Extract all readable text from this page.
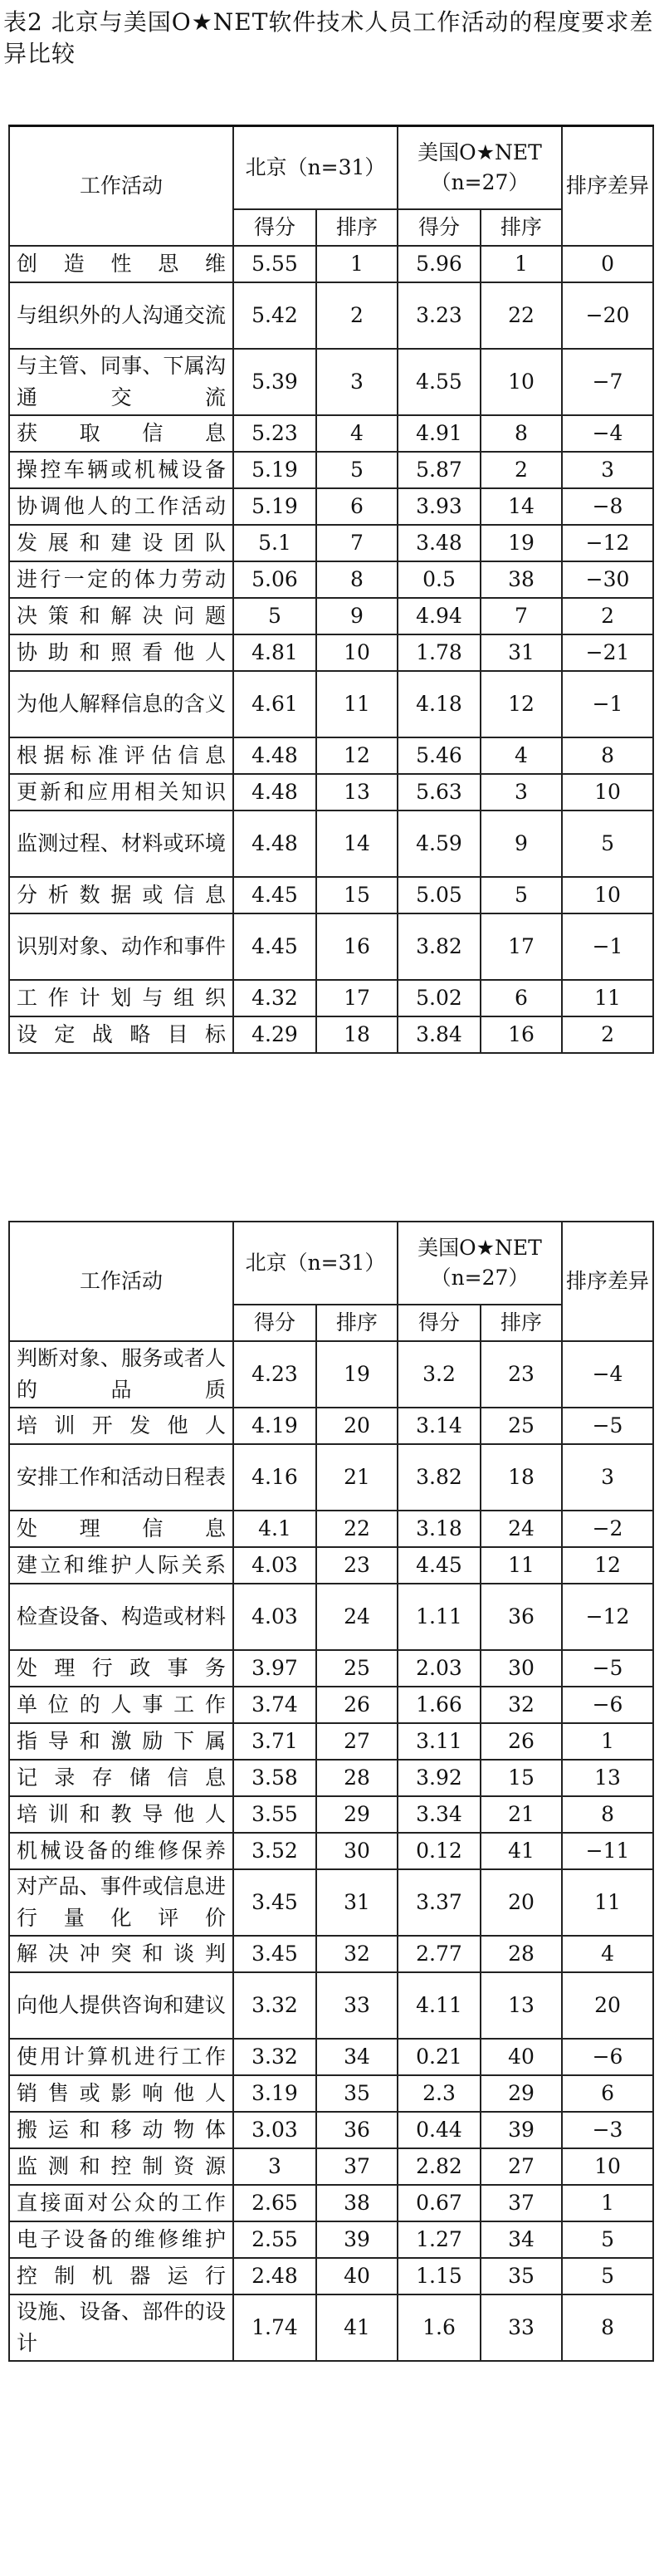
表2 北京与美国O★NET软件技术人员工作活动的程度要求差异比较
工作活动	北京（n=31）		美国O★NET（n=27）		排序差异
	得分	排序	得分	排序	
创造性思维	5.55	1	5.96	1	0
与组织外的人沟通交流	5.42	2	3.23	22	−20
与主管、同事、下属沟通交流	5.39	3	4.55	10	−7
获取信息	5.23	4	4.91	8	−4
操控车辆或机械设备	5.19	5	5.87	2	3
协调他人的工作活动	5.19	6	3.93	14	−8
发展和建设团队	5.1	7	3.48	19	−12
进行一定的体力劳动	5.06	8	0.5	38	−30
决策和解决问题	5	9	4.94	7	2
协助和照看他人	4.81	10	1.78	31	−21
为他人解释信息的含义	4.61	11	4.18	12	−1
根据标准评估信息	4.48	12	5.46	4	8
更新和应用相关知识	4.48	13	5.63	3	10
监测过程、材料或环境	4.48	14	4.59	9	5
分析数据或信息	4.45	15	5.05	5	10
识别对象、动作和事件	4.45	16	3.82	17	−1
工作计划与组织	4.32	17	5.02	6	11
设定战略目标	4.29	18	3.84	16	2
工作活动	北京（n=31）		美国O★NET（n=27）		排序差异
	得分	排序	得分	排序	
判断对象、服务或者人的品质	4.23	19	3.2	23	−4
培训开发他人	4.19	20	3.14	25	−5
安排工作和活动日程表	4.16	21	3.82	18	3
处理信息	4.1	22	3.18	24	−2
建立和维护人际关系	4.03	23	4.45	11	12
检查设备、构造或材料	4.03	24	1.11	36	−12
处理行政事务	3.97	25	2.03	30	−5
单位的人事工作	3.74	26	1.66	32	−6
指导和激励下属	3.71	27	3.11	26	1
记录存储信息	3.58	28	3.92	15	13
培训和教导他人	3.55	29	3.34	21	8
机械设备的维修保养	3.52	30	0.12	41	−11
对产品、事件或信息进行量化评价	3.45	31	3.37	20	11
解决冲突和谈判	3.45	32	2.77	28	4
向他人提供咨询和建议	3.32	33	4.11	13	20
使用计算机进行工作	3.32	34	0.21	40	−6
销售或影响他人	3.19	35	2.3	29	6
搬运和移动物体	3.03	36	0.44	39	−3
监测和控制资源	3	37	2.82	27	10
直接面对公众的工作	2.65	38	0.67	37	1
电子设备的维修维护	2.55	39	1.27	34	5
控制机器运行	2.48	40	1.15	35	5
设施、设备、部件的设计	1.74	41	1.6	33	8
